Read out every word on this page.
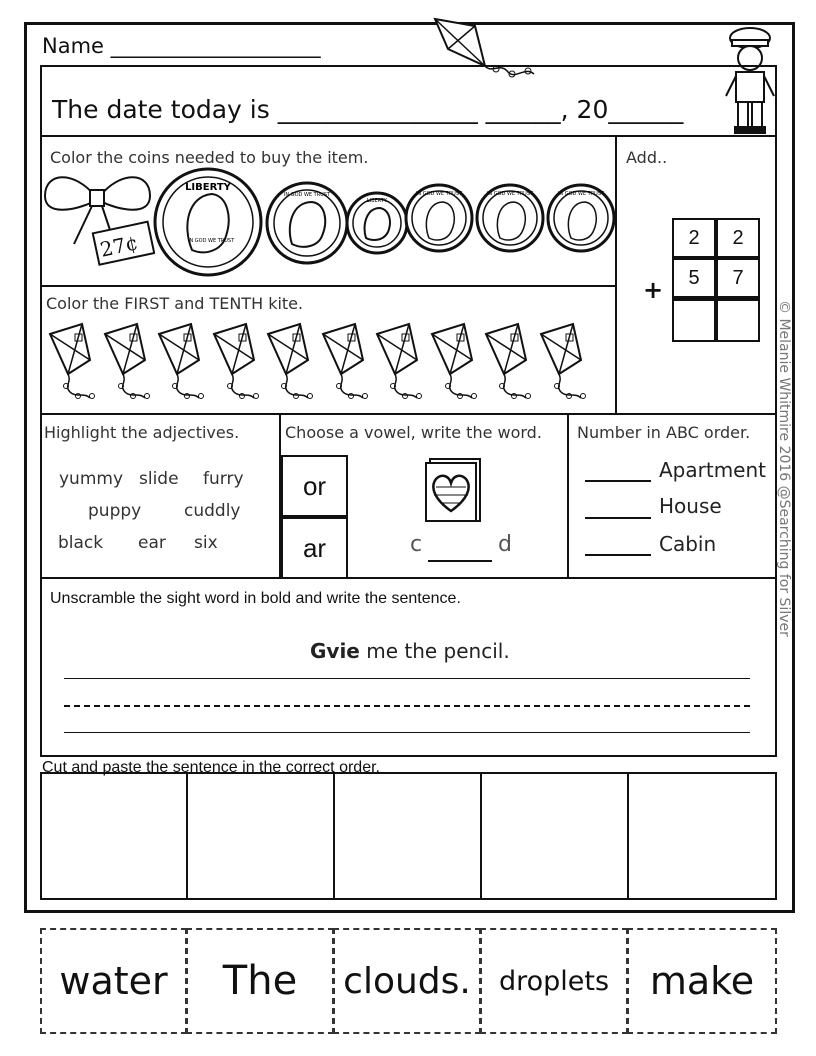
Name ____________________
The date today is ________________ ______, 20______
Color the coins needed to buy the item.
27¢
LIBERTY
IN GOD WE TRUST
IN GOD WE TRUST
LIBERTY
IN GOD WE TRUST	IN GOD WE TRUST	IN GOD WE TRUST
Add..
2	2
5	7
+
Color the FIRST and TENTH kite.
Highlight the adjectives.
yummy slide furry
puppy	cuddly
black ear six
Choose a vowel, write the word.
or
ar	c	d
Number in ABC order.
Apartment
House
Cabin
Unscramble the sight word in bold and write the sentence.
Gvie me the pencil.
Cut and paste the sentence in the correct order.
© Melanie Whitmire 2016 @Searching for Silver
water	The	clouds.	droplets	make
